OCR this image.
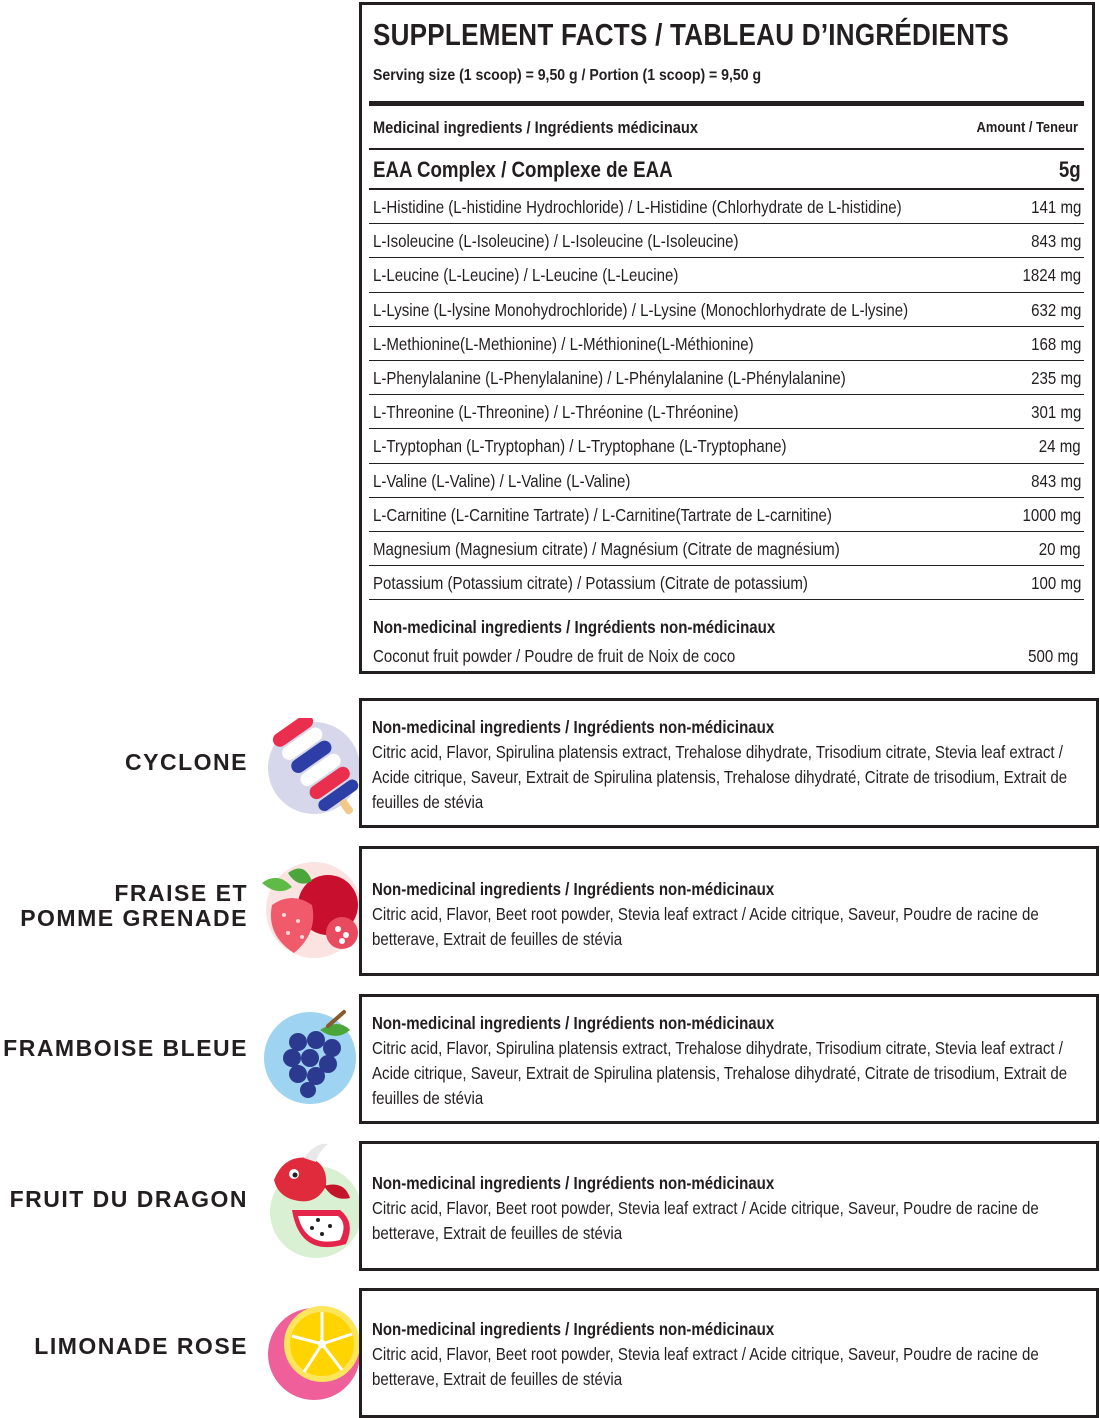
SUPPLEMENT FACTS / TABLEAU D’INGRÉDIENTS
Serving size (1 scoop) = 9,50 g / Portion (1 scoop) = 9,50 g
Medicinal ingredients / Ingrédients médicinaux	Amount / Teneur
EAA Complex / Complexe de EAA	5g
L-Histidine (L-histidine Hydrochloride) / L-Histidine (Chlorhydrate de L-histidine)	141 mg
L-Isoleucine (L-Isoleucine) / L-Isoleucine (L-Isoleucine)	843 mg
L-Leucine (L-Leucine) / L-Leucine (L-Leucine)	1824 mg
L-Lysine (L-lysine Monohydrochloride) / L-Lysine (Monochlorhydrate de L-lysine)	632 mg
L-Methionine(L-Methionine) / L-Méthionine(L-Méthionine)	168 mg
L-Phenylalanine (L-Phenylalanine) / L-Phénylalanine (L-Phénylalanine)	235 mg
L-Threonine (L-Threonine) / L-Thréonine (L-Thréonine)	301 mg
L-Tryptophan (L-Tryptophan) / L-Tryptophane (L-Tryptophane)	24 mg
L-Valine (L-Valine) / L-Valine (L-Valine)	843 mg
L-Carnitine (L-Carnitine Tartrate) / L-Carnitine(Tartrate de L-carnitine)	1000 mg
Magnesium (Magnesium citrate) / Magnésium (Citrate de magnésium)	20 mg
Potassium (Potassium citrate) / Potassium (Citrate de potassium)	100 mg
Non-medicinal ingredients / Ingrédients non-médicinaux
Coconut fruit powder / Poudre de fruit de Noix de coco	500 mg
CYCLONE
Non-medicinal ingredients / Ingrédients non-médicinaux
Citric acid, Flavor, Spirulina platensis extract, Trehalose dihydrate, Trisodium citrate, Stevia leaf extract / Acide citrique, Saveur, Extrait de Spirulina platensis, Trehalose dihydraté, Citrate de trisodium, Extrait de feuilles de stévia
FRAISE ET
POMME GRENADE
Non-medicinal ingredients / Ingrédients non-médicinaux
Citric acid, Flavor, Beet root powder, Stevia leaf extract / Acide citrique, Saveur, Poudre de racine de betterave, Extrait de feuilles de stévia
FRAMBOISE BLEUE
Non-medicinal ingredients / Ingrédients non-médicinaux
Citric acid, Flavor, Spirulina platensis extract, Trehalose dihydrate, Trisodium citrate, Stevia leaf extract / Acide citrique, Saveur, Extrait de Spirulina platensis, Trehalose dihydraté, Citrate de trisodium, Extrait de feuilles de stévia
FRUIT DU DRAGON
Non-medicinal ingredients / Ingrédients non-médicinaux
Citric acid, Flavor, Beet root powder, Stevia leaf extract / Acide citrique, Saveur, Poudre de racine de betterave, Extrait de feuilles de stévia
LIMONADE ROSE
Non-medicinal ingredients / Ingrédients non-médicinaux
Citric acid, Flavor, Beet root powder, Stevia leaf extract / Acide citrique, Saveur, Poudre de racine de betterave, Extrait de feuilles de stévia
